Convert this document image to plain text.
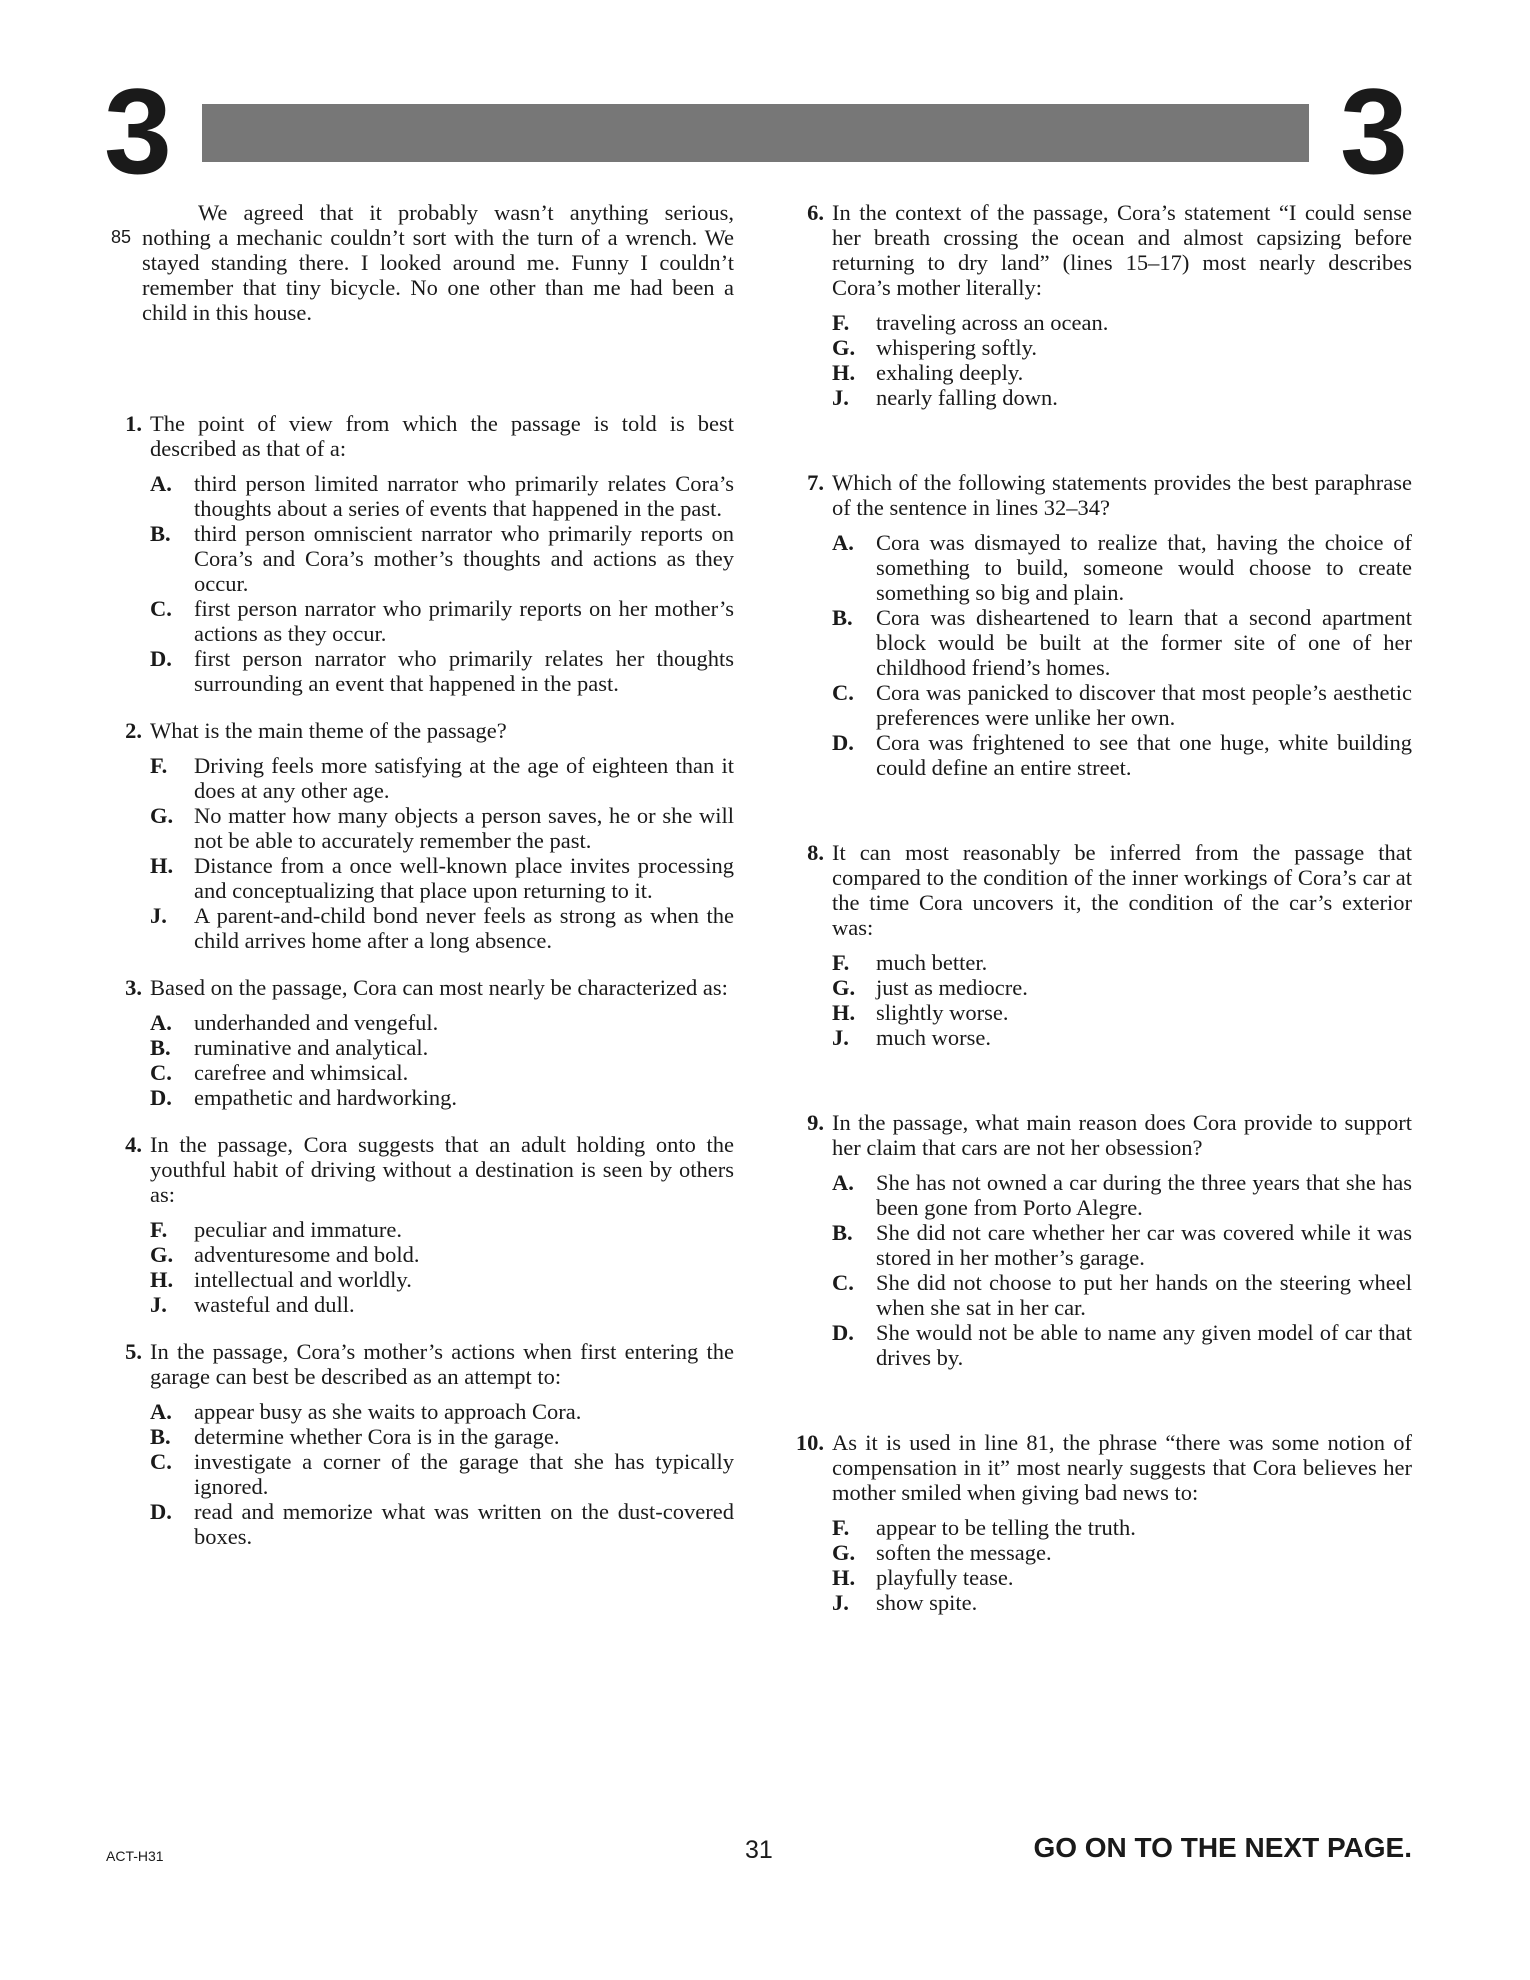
3	3
85

We agreed that it probably wasn’t anything serious, nothing a mechanic couldn’t sort with the turn of a wrench. We stayed standing there. I looked around me. Funny I couldn’t remember that tiny bicycle. No one other than me had been a child in this house.

1. The point of view from which the passage is told is best described as that of a:
A. third person limited narrator who primarily relates Cora’s thoughts about a series of events that happened in the past.
B. third person omniscient narrator who primarily reports on Cora’s and Cora’s mother’s thoughts and actions as they occur.
C. first person narrator who primarily reports on her mother’s actions as they occur.
D. first person narrator who primarily relates her thoughts surrounding an event that happened in the past.
2. What is the main theme of the passage?
F. Driving feels more satisfying at the age of eighteen than it does at any other age.
G. No matter how many objects a person saves, he or she will not be able to accurately remember the past.
H. Distance from a once well-known place invites processing and conceptualizing that place upon returning to it.
J. A parent-and-child bond never feels as strong as when the child arrives home after a long absence.
3. Based on the passage, Cora can most nearly be characterized as:
A. underhanded and vengeful.
B. ruminative and analytical.
C. carefree and whimsical.
D. empathetic and hardworking.
4. In the passage, Cora suggests that an adult holding onto the youthful habit of driving without a destination is seen by others as:
F. peculiar and immature.
G. adventuresome and bold.
H. intellectual and worldly.
J. wasteful and dull.
5. In the passage, Cora’s mother’s actions when first entering the garage can best be described as an attempt to:
A. appear busy as she waits to approach Cora.
B. determine whether Cora is in the garage.
C. investigate a corner of the garage that she has typically ignored.
D. read and memorize what was written on the dust-covered boxes.
6. In the context of the passage, Cora’s statement “I could sense her breath crossing the ocean and almost capsizing before returning to dry land” (lines 15–17) most nearly describes Cora’s mother literally:
F. traveling across an ocean.
G. whispering softly.
H. exhaling deeply.
J. nearly falling down.
7. Which of the following statements provides the best paraphrase of the sentence in lines 32–34?
A. Cora was dismayed to realize that, having the choice of something to build, someone would choose to create something so big and plain.
B. Cora was disheartened to learn that a second apartment block would be built at the former site of one of her childhood friend’s homes.
C. Cora was panicked to discover that most people’s aesthetic preferences were unlike her own.
D. Cora was frightened to see that one huge, white building could define an entire street.
8. It can most reasonably be inferred from the passage that compared to the condition of the inner workings of Cora’s car at the time Cora uncovers it, the condition of the car’s exterior was:
F. much better.
G. just as mediocre.
H. slightly worse.
J. much worse.
9. In the passage, what main reason does Cora provide to support her claim that cars are not her obsession?
A. She has not owned a car during the three years that she has been gone from Porto Alegre.
B. She did not care whether her car was covered while it was stored in her mother’s garage.
C. She did not choose to put her hands on the steering wheel when she sat in her car.
D. She would not be able to name any given model of car that drives by.
10. As it is used in line 81, the phrase “there was some notion of compensation in it” most nearly suggests that Cora believes her mother smiled when giving bad news to:
F. appear to be telling the truth.
G. soften the message.
H. playfully tease.
J. show spite.
ACT-H31	31	GO ON TO THE NEXT PAGE.
